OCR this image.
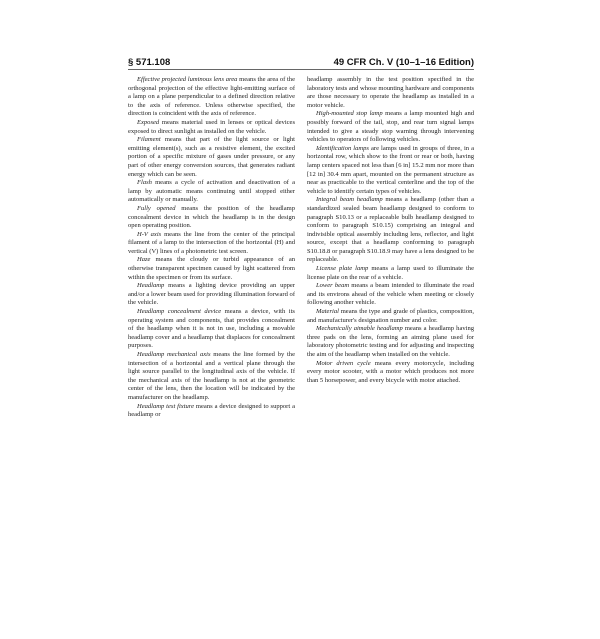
§ 571.108	49 CFR Ch. V (10–1–16 Edition)

Effective projected luminous lens area means the area of the orthogonal projection of the effective light-emitting surface of a lamp on a plane perpendicular to a defined direction relative to the axis of reference. Unless otherwise specified, the direction is coincident with the axis of reference.

Exposed means material used in lenses or optical devices exposed to direct sunlight as installed on the vehicle.

Filament means that part of the light source or light emitting element(s), such as a resistive element, the excited portion of a specific mixture of gases under pressure, or any part of other energy conversion sources, that generates radiant energy which can be seen.

Flash means a cycle of activation and deactivation of a lamp by automatic means continuing until stopped either automatically or manually.

Fully opened means the position of the headlamp concealment device in which the headlamp is in the design open operating position.

H-V axis means the line from the center of the principal filament of a lamp to the intersection of the horizontal (H) and vertical (V) lines of a photometric test screen.

Haze means the cloudy or turbid appearance of an otherwise transparent specimen caused by light scattered from within the specimen or from its surface.

Headlamp means a lighting device providing an upper and/or a lower beam used for providing illumination forward of the vehicle.

Headlamp concealment device means a device, with its operating system and components, that provides concealment of the headlamp when it is not in use, including a movable headlamp cover and a headlamp that displaces for concealment purposes.

Headlamp mechanical axis means the line formed by the intersection of a horizontal and a vertical plane through the light source parallel to the longitudinal axis of the vehicle. If the mechanical axis of the headlamp is not at the geometric center of the lens, then the location will be indicated by the manufacturer on the headlamp.

Headlamp test fixture means a device designed to support a headlamp or

headlamp assembly in the test position specified in the laboratory tests and whose mounting hardware and components are those necessary to operate the headlamp as installed in a motor vehicle.

High-mounted stop lamp means a lamp mounted high and possibly forward of the tail, stop, and rear turn signal lamps intended to give a steady stop warning through intervening vehicles to operators of following vehicles.

Identification lamps are lamps used in groups of three, in a horizontal row, which show to the front or rear or both, having lamp centers spaced not less than [6 in] 15.2 mm nor more than [12 in] 30.4 mm apart, mounted on the permanent structure as near as practicable to the vertical centerline and the top of the vehicle to identify certain types of vehicles.

Integral beam headlamp means a headlamp (other than a standardized sealed beam headlamp designed to conform to paragraph S10.13 or a replaceable bulb headlamp designed to conform to paragraph S10.15) comprising an integral and indivisible optical assembly including lens, reflector, and light source, except that a headlamp conforming to paragraph S10.18.8 or paragraph S10.18.9 may have a lens designed to be replaceable.

License plate lamp means a lamp used to illuminate the license plate on the rear of a vehicle.

Lower beam means a beam intended to illuminate the road and its environs ahead of the vehicle when meeting or closely following another vehicle.

Material means the type and grade of plastics, composition, and manufacturer's designation number and color.

Mechanically aimable headlamp means a headlamp having three pads on the lens, forming an aiming plane used for laboratory photometric testing and for adjusting and inspecting the aim of the headlamp when installed on the vehicle.

Motor driven cycle means every motorcycle, including every motor scooter, with a motor which produces not more than 5 horsepower, and every bicycle with motor attached.
